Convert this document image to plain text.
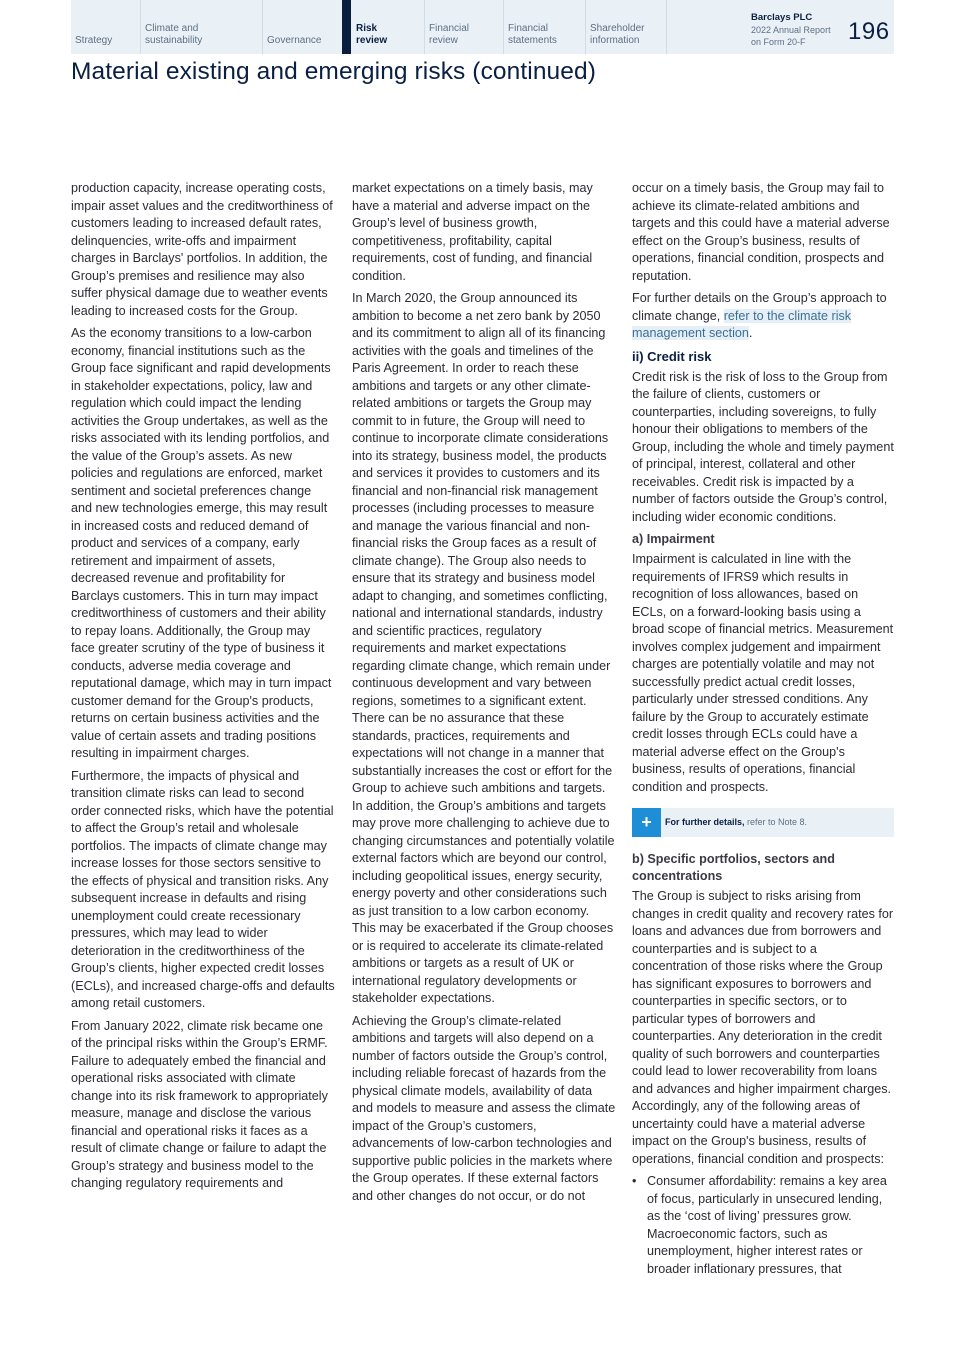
Strategy
Climate and sustainability	Governance
Risk review
Financial review
Financial statements
Shareholder information
Barclays PLC
2022 Annual Report
on Form 20-F	196
Material existing and emerging risks (continued)

production capacity, increase operating costs, impair asset values and the creditworthiness of customers leading to increased default rates, delinquencies, write-offs and impairment charges in Barclays' portfolios. In addition, the Group’s premises and resilience may also suffer physical damage due to weather events leading to increased costs for the Group.

As the economy transitions to a low-carbon economy, financial institutions such as the Group face significant and rapid developments in stakeholder expectations, policy, law and regulation which could impact the lending activities the Group undertakes, as well as the risks associated with its lending portfolios, and the value of the Group’s assets. As new policies and regulations are enforced, market sentiment and societal preferences change and new technologies emerge, this may result in increased costs and reduced demand of product and services of a company, early retirement and impairment of assets, decreased revenue and profitability for Barclays customers. This in turn may impact creditworthiness of customers and their ability to repay loans. Additionally, the Group may face greater scrutiny of the type of business it conducts, adverse media coverage and reputational damage, which may in turn impact customer demand for the Group's products, returns on certain business activities and the value of certain assets and trading positions resulting in impairment charges.

Furthermore, the impacts of physical and transition climate risks can lead to second order connected risks, which have the potential to affect the Group’s retail and wholesale portfolios. The impacts of climate change may increase losses for those sectors sensitive to the effects of physical and transition risks. Any subsequent increase in defaults and rising unemployment could create recessionary pressures, which may lead to wider deterioration in the creditworthiness of the Group’s clients, higher expected credit losses (ECLs), and increased charge-offs and defaults among retail customers.

From January 2022, climate risk became one of the principal risks within the Group’s ERMF. Failure to adequately embed the financial and operational risks associated with climate change into its risk framework to appropriately measure, manage and disclose the various financial and operational risks it faces as a result of climate change or failure to adapt the Group’s strategy and business model to the changing regulatory requirements and

market expectations on a timely basis, may have a material and adverse impact on the Group’s level of business growth, competitiveness, profitability, capital requirements, cost of funding, and financial condition.

In March 2020, the Group announced its ambition to become a net zero bank by 2050 and its commitment to align all of its financing activities with the goals and timelines of the Paris Agreement. In order to reach these ambitions and targets or any other climate-related ambitions or targets the Group may commit to in future, the Group will need to continue to incorporate climate considerations into its strategy, business model, the products and services it provides to customers and its financial and non-financial risk management processes (including processes to measure and manage the various financial and non-financial risks the Group faces as a result of climate change). The Group also needs to ensure that its strategy and business model adapt to changing, and sometimes conflicting, national and international standards, industry and scientific practices, regulatory requirements and market expectations regarding climate change, which remain under continuous development and vary between regions, sometimes to a significant extent. There can be no assurance that these standards, practices, requirements and expectations will not change in a manner that substantially increases the cost or effort for the Group to achieve such ambitions and targets. In addition, the Group’s ambitions and targets may prove more challenging to achieve due to changing circumstances and potentially volatile external factors which are beyond our control, including geopolitical issues, energy security, energy poverty and other considerations such as just transition to a low carbon economy. This may be exacerbated if the Group chooses or is required to accelerate its climate-related ambitions or targets as a result of UK or international regulatory developments or stakeholder expectations.

Achieving the Group’s climate-related ambitions and targets will also depend on a number of factors outside the Group’s control, including reliable forecast of hazards from the physical climate models, availability of data and models to measure and assess the climate impact of the Group’s customers, advancements of low-carbon technologies and supportive public policies in the markets where the Group operates. If these external factors and other changes do not occur, or do not

occur on a timely basis, the Group may fail to achieve its climate-related ambitions and targets and this could have a material adverse effect on the Group’s business, results of operations, financial condition, prospects and reputation.

For further details on the Group’s approach to climate change, refer to the climate risk management section.

ii) Credit risk

Credit risk is the risk of loss to the Group from the failure of clients, customers or counterparties, including sovereigns, to fully honour their obligations to members of the Group, including the whole and timely payment of principal, interest, collateral and other receivables. Credit risk is impacted by a number of factors outside the Group’s control, including wider economic conditions.

a) Impairment

Impairment is calculated in line with the requirements of IFRS9 which results in recognition of loss allowances, based on ECLs, on a forward-looking basis using a broad scope of financial metrics. Measurement involves complex judgement and impairment charges are potentially volatile and may not successfully predict actual credit losses, particularly under stressed conditions. Any failure by the Group to accurately estimate credit losses through ECLs could have a material adverse effect on the Group's business, results of operations, financial condition and prospects.

+	For further details, refer to Note 8.
b) Specific portfolios, sectors and concentrations

The Group is subject to risks arising from changes in credit quality and recovery rates for loans and advances due from borrowers and counterparties and is subject to a concentration of those risks where the Group has significant exposures to borrowers and counterparties in specific sectors, or to particular types of borrowers and counterparties. Any deterioration in the credit quality of such borrowers and counterparties could lead to lower recoverability from loans and advances and higher impairment charges. Accordingly, any of the following areas of uncertainty could have a material adverse impact on the Group's business, results of operations, financial condition and prospects:

• Consumer affordability: remains a key area of focus, particularly in unsecured lending, as the ‘cost of living’ pressures grow. Macroeconomic factors, such as unemployment, higher interest rates or broader inflationary pressures, that
